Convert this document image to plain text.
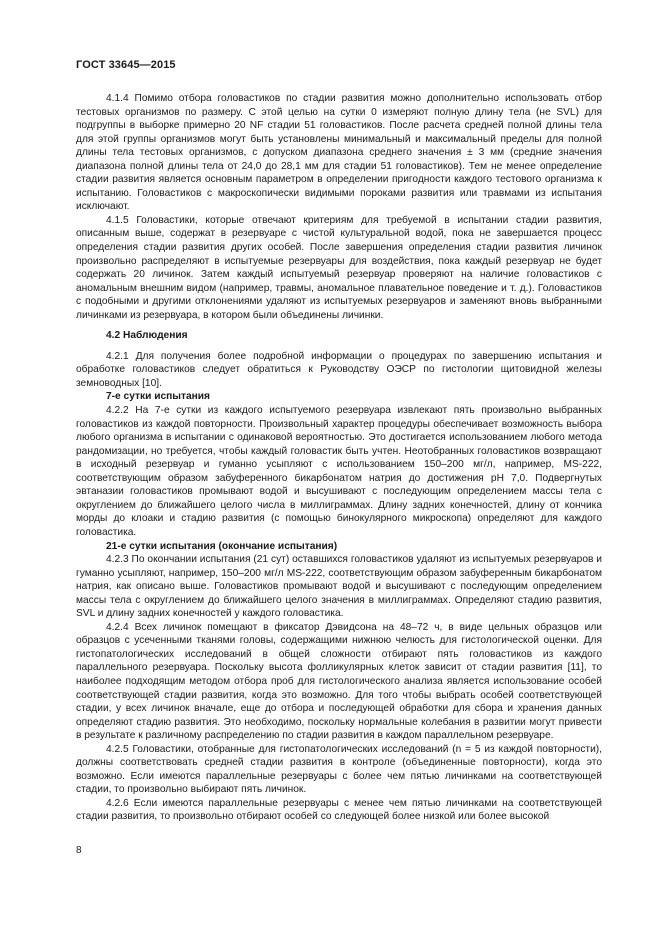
ГОСТ 33645—2015

4.1.4 Помимо отбора головастиков по стадии развития можно дополнительно использовать отбор тестовых организмов по размеру. С этой целью на сутки 0 измеряют полную длину тела (не SVL) для подгруппы в выборке примерно 20 NF стадии 51 головастиков. После расчета средней полной длины тела для этой группы организмов могут быть установлены минимальный и максимальный пределы для полной длины тела тестовых организмов, с допуском диапазона среднего значения ± 3 мм (средние значения диапазона полной длины тела от 24,0 до 28,1 мм для стадии 51 головастиков). Тем не менее определение стадии развития является основным параметром в определении пригодности каждого тестового организма к испытанию. Головастиков с макроскопически видимыми пороками развития или травмами из испытания исключают.

4.1.5 Головастики, которые отвечают критериям для требуемой в испытании стадии развития, описанным выше, содержат в резервуаре с чистой культуральной водой, пока не завершается процесс определения стадии развития других особей. После завершения определения стадии развития личинок произвольно распределяют в испытуемые резервуары для воздействия, пока каждый резервуар не будет содержать 20 личинок. Затем каждый испытуемый резервуар проверяют на наличие головастиков с аномальным внешним видом (например, травмы, аномальное плавательное поведение и т. д.). Головастиков с подобными и другими отклонениями удаляют из испытуемых резервуаров и заменяют вновь выбранными личинками из резервуара, в котором были объединены личинки.

4.2 Наблюдения

4.2.1 Для получения более подробной информации о процедурах по завершению испытания и обработке головастиков следует обратиться к Руководству ОЭСР по гистологии щитовидной железы земноводных [10].

7-е сутки испытания

4.2.2 На 7-е сутки из каждого испытуемого резервуара извлекают пять произвольно выбранных головастиков из каждой повторности. Произвольный характер процедуры обеспечивает возможность выбора любого организма в испытании с одинаковой вероятностью. Это достигается использованием любого метода рандомизации, но требуется, чтобы каждый головастик быть учтен. Неотобранных головастиков возвращают в исходный резервуар и гуманно усыпляют с использованием 150–200 мг/л, например, MS-222, соответствующим образом забуференного бикарбонатом натрия до достижения pH 7,0. Подвергнутых эвтаназии головастиков промывают водой и высушивают с последующим определением массы тела с округлением до ближайшего целого числа в миллиграммах. Длину задних конечностей, длину от кончика морды до клоаки и стадию развития (с помощью бинокулярного микроскопа) определяют для каждого головастика.

21-е сутки испытания (окончание испытания)

4.2.3 По окончании испытания (21 сут) оставшихся головастиков удаляют из испытуемых резервуаров и гуманно усыпляют, например, 150–200 мг/л MS-222, соответствующим образом забуференным бикарбонатом натрия, как описано выше. Головастиков промывают водой и высушивают с последующим определением массы тела с округлением до ближайшего целого значения в миллиграммах. Определяют стадию развития, SVL и длину задних конечностей у каждого головастика.

4.2.4 Всех личинок помещают в фиксатор Дэвидсона на 48–72 ч, в виде цельных образцов или образцов с усеченными тканями головы, содержащими нижнюю челюсть для гистологической оценки. Для гистопатологических исследований в общей сложности отбирают пять головастиков из каждого параллельного резервуара. Поскольку высота фолликулярных клеток зависит от стадии развития [11], то наиболее подходящим методом отбора проб для гистологического анализа является использование особей соответствующей стадии развития, когда это возможно. Для того чтобы выбрать особей соответствующей стадии, у всех личинок вначале, еще до отбора и последующей обработки для сбора и хранения данных определяют стадию развития. Это необходимо, поскольку нормальные колебания в развитии могут привести в результате к различному распределению по стадии развития в каждом параллельном резервуаре.

4.2.5 Головастики, отобранные для гистопатологических исследований (n = 5 из каждой повторности), должны соответствовать средней стадии развития в контроле (объединенные повторности), когда это возможно. Если имеются параллельные резервуары с более чем пятью личинками на соответствующей стадии, то произвольно выбирают пять личинок.

4.2.6 Если имеются параллельные резервуары с менее чем пятью личинками на соответствующей стадии развития, то произвольно отбирают особей со следующей более низкой или более высокой

8
